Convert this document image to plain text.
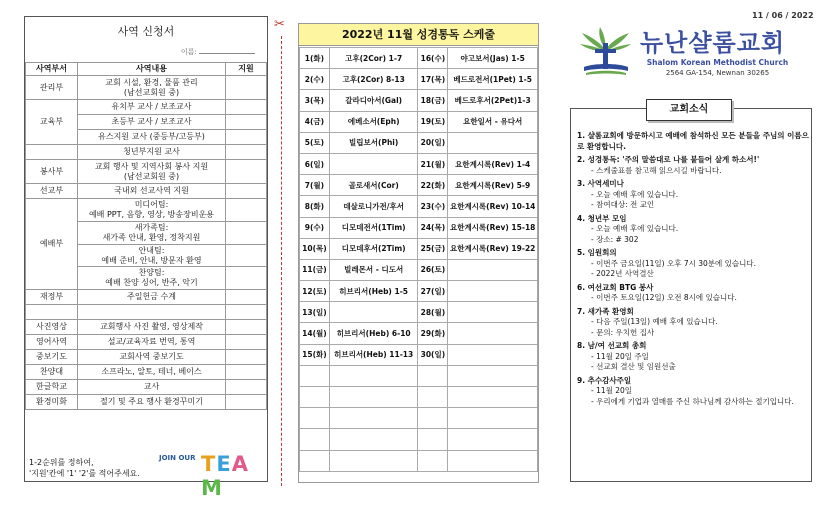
사역 신청서
이름:
사역부서	사역내용	지원
관리부	교회 시설, 환경, 물품 관리
(남선교회원 중)	
교육부	유치부 교사 / 보조교사	
	초등부 교사 / 보조교사	
	유스지원 교사 (중등부/고등부)	
	청년부지원 교사	
봉사부	교회 행사 및 지역사회 봉사 지원
(남선교회원 중)	
선교부	국내외 선교사역 지원	
예배부	미디어팀:
예배 PPT, 음향, 영상, 방송장비운용	
	새가족팀:
새가족 안내, 환영, 정착지원	
	안내팀:
예배 준비, 안내, 방문자 환영	
	찬양팀:
예배 찬양 싱어, 반주, 악기	
재정부	주일헌금 수계	

사진영상	교회행사 사진 촬영, 영상제작	
영어사역	설교/교육자료 번역, 통역	
중보기도	교회사역 중보기도	
찬양대	소프라노, 알토, 테너, 베이스	
한글학교	교사	
환경미화	절기 및 주요 행사 환경꾸미기	
1-2순위를 정하여,
'지원'칸에 '1' '2'를 적어주세요.
JOIN OUR TEAM
✂
2022년 11월 성경통독 스케줄
1(화)	고후(2Cor) 1-7	16(수)	야고보서(Jas) 1-5
2(수)	고후(2Cor) 8-13	17(목)	베드로전서(1Pet) 1-5
3(목)	갈라디아서(Gal)	18(금)	베드로후서(2Pet)1-3
4(금)	에베소서(Eph)	19(토)	요한일서 - 유다서
5(토)	빌립보서(Phi)	20(일)	
6(일)		21(월)	요한계시록(Rev) 1-4
7(월)	골로새서(Cor)	22(화)	요한계시록(Rev) 5-9
8(화)	데살로니가전/후서	23(수)	요한계시록(Rev) 10-14
9(수)	디모데전서(1Tim)	24(목)	요한계시록(Rev) 15-18
10(목)	디모데후서(2Tim)	25(금)	요한계시록(Rev) 19-22
11(금)	빌레몬서 - 디도서	26(토)	
12(토)	히브리서(Heb) 1-5	27(일)	
13(일)		28(월)	
14(월)	히브리서(Heb) 6-10	29(화)	
15(화)	히브리서(Heb) 11-13	30(일)	

11 / 06 / 2022
뉴난샬롬교회
Shalom Korean Methodist Church
2564 GA-154, Newnan 30265
교회소식
1. 샬롬교회에 방문하시고 예배에 참석하신 모든 분들을 주님의 이름으로 환영합니다.
2. 성경통독: '주의 말씀대로 나를 붙들어 살게 하소서!'
- 스케줄표를 참고해 읽으시길 바랍니다.
3. 사역세미나
- 오늘 예배 후에 있습니다.
- 참여대상: 전 교인
4. 청년부 모임
- 오늘 예배 후에 있습니다.
- 장소: # 302
5. 임원회의
- 이번주 금요일(11일) 오후 7시 30분에 있습니다.
- 2022년 사역결산
6. 여선교회 BTG 봉사
- 이번주 토요일(12일) 오전 8시에 있습니다.
7. 새가족 환영회
- 다음 주일(13일) 예배 후에 있습니다.
- 문의: 우치헌 집사
8. 남/여 선교회 총회
- 11월 20일 주일
- 선교회 결산 및 임원선출
9. 추수감사주일
- 11월 20일
- 우리에게 기업과 열매를 주신 하나님께 감사하는 절기입니다.
